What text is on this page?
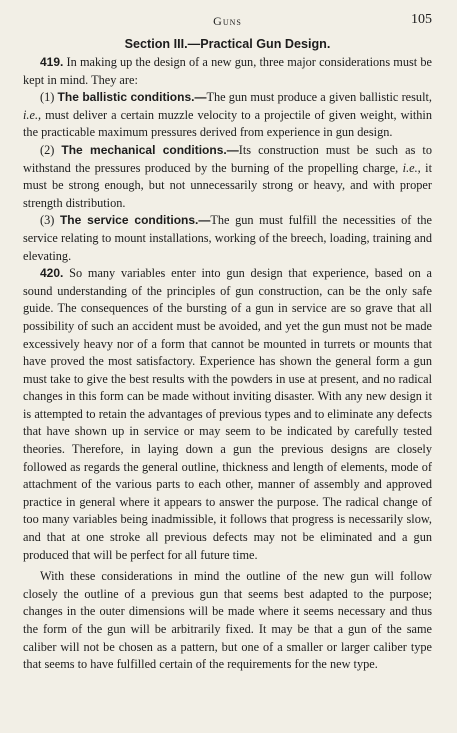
Guns	105
Section III.—Practical Gun Design.

419. In making up the design of a new gun, three major considerations must be kept in mind. They are:

(1) The ballistic conditions.—The gun must produce a given ballistic result, i.e., must deliver a certain muzzle velocity to a projectile of given weight, within the practicable maximum pressures derived from experience in gun design.

(2) The mechanical conditions.—Its construction must be such as to withstand the pressures produced by the burning of the propelling charge, i.e., it must be strong enough, but not unnecessarily strong or heavy, and with proper strength distribution.

(3) The service conditions.—The gun must fulfill the necessities of the service relating to mount installations, working of the breech, loading, training and elevating.

420. So many variables enter into gun design that experience, based on a sound understanding of the principles of gun construction, can be the only safe guide. The consequences of the bursting of a gun in service are so grave that all possibility of such an accident must be avoided, and yet the gun must not be made excessively heavy nor of a form that cannot be mounted in turrets or mounts that have proved the most satisfactory. Experience has shown the general form a gun must take to give the best results with the powders in use at present, and no radical changes in this form can be made without inviting disaster. With any new design it is attempted to retain the advantages of previous types and to eliminate any defects that have shown up in service or may seem to be indicated by carefully tested theories. Therefore, in laying down a gun the previous designs are closely followed as regards the general outline, thickness and length of elements, mode of attachment of the various parts to each other, manner of assembly and approved practice in general where it appears to answer the purpose. The radical change of too many variables being inadmissible, it follows that progress is necessarily slow, and that at one stroke all previous defects may not be eliminated and a gun produced that will be perfect for all future time.

With these considerations in mind the outline of the new gun will follow closely the outline of a previous gun that seems best adapted to the purpose; changes in the outer dimensions will be made where it seems necessary and thus the form of the gun will be arbitrarily fixed. It may be that a gun of the same caliber will not be chosen as a pattern, but one of a smaller or larger caliber type that seems to have fulfilled certain of the requirements for the new type.
